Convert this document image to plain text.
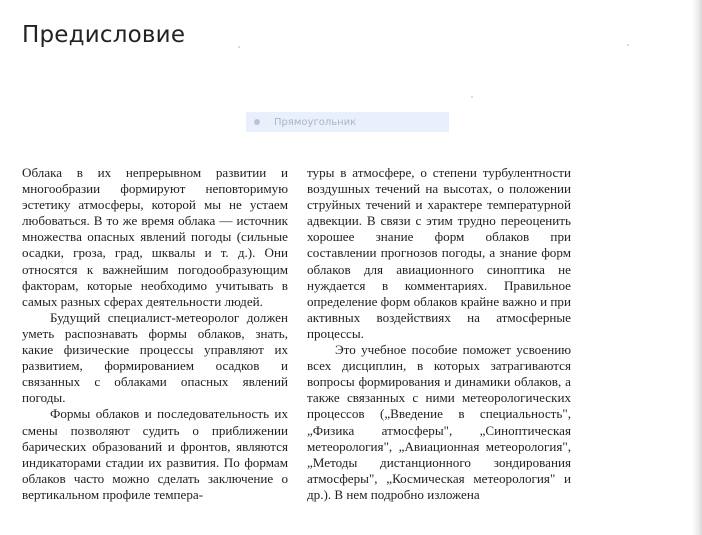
Предисловие
Прямоугольник

Облака в их непрерывном развитии и многообразии формируют неповторимую эстетику атмосферы, которой мы не устаем любоваться. В то же время облака — источник множества опасных явлений погоды (сильные осадки, гроза, град, шквалы и т. д.). Они относятся к важнейшим погодообразующим факторам, которые необходимо учитывать в самых разных сферах деятельности людей.

Будущий специалист-метеоролог должен уметь распознавать формы облаков, знать, какие физические процессы управляют их развитием, формированием осадков и связанных с облаками опасных явлений погоды.

Формы облаков и последовательность их смены позволяют судить о приближении барических образований и фронтов, являются индикаторами стадии их развития. По формам облаков часто можно сделать заключение о вертикальном профиле темпера-

туры в атмосфере, о степени турбулентности воздушных течений на высотах, о положении струйных течений и характере температурной адвекции. В связи с этим трудно переоценить хорошее знание форм облаков при составлении прогнозов погоды, а знание форм облаков для авиационного синоптика не нуждается в комментариях. Правильное определение форм облаков крайне важно и при активных воздействиях на атмосферные процессы.

Это учебное пособие поможет усвоению всех дисциплин, в которых затрагиваются вопросы формирования и динамики облаков, а также связанных с ними метеорологических процессов („Введение в специальность", „Физика атмосферы", „Синоптическая метеорология", „Авиационная метеорология", „Методы дистанционного зондирования атмосферы", „Космическая метеорология" и др.). В нем подробно изложена
